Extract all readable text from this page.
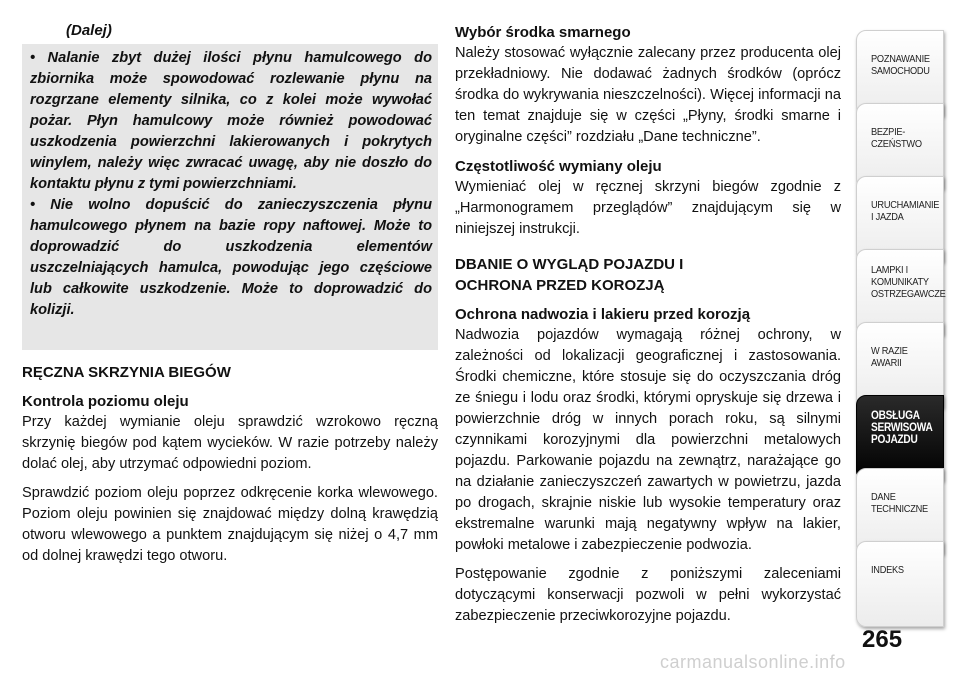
(Dalej)

• Nalanie zbyt dużej ilości płynu hamulcowego do zbiornika może spowodować rozlewanie płynu na rozgrzane elementy silnika, co z kolei może wywołać pożar. Płyn hamulcowy może również powodować uszkodzenia powierzchni lakierowanych i pokrytych winylem, należy więc zwracać uwagę, aby nie doszło do kontaktu płynu z tymi powierzchniami.

• Nie wolno dopuścić do zanieczyszczenia płynu hamulcowego płynem na bazie ropy naftowej. Może to doprowadzić do uszkodzenia elementów uszczelniających hamulca, powodując jego częściowe lub całkowite uszkodzenie. Może to doprowadzić do kolizji.

RĘCZNA SKRZYNIA BIEGÓW

Kontrola poziomu oleju

Przy każdej wymianie oleju sprawdzić wzrokowo ręczną skrzynię biegów pod kątem wycieków. W razie potrzeby należy dolać olej, aby utrzymać odpowiedni poziom.

Sprawdzić poziom oleju poprzez odkręcenie korka wlewowego. Poziom oleju powinien się znajdować między dolną krawędzią otworu wlewowego a punktem znajdującym się niżej o 4,7 mm od dolnej krawędzi tego otworu.

Wybór środka smarnego

Należy stosować wyłącznie zalecany przez producenta olej przekładniowy. Nie dodawać żadnych środków (oprócz środka do wykrywania nieszczelności). Więcej informacji na ten temat znajduje się w części „Płyny, środki smarne i oryginalne części” rozdziału „Dane techniczne”.

Częstotliwość wymiany oleju

Wymieniać olej w ręcznej skrzyni biegów zgodnie z „Harmonogramem przeglądów” znajdującym się w niniejszej instrukcji.

DBANIE O WYGLĄD POJAZDU I
OCHRONA PRZED KOROZJĄ

Ochrona nadwozia i lakieru przed korozją

Nadwozia pojazdów wymagają różnej ochrony, w zależności od lokalizacji geograficznej i zastosowania. Środki chemiczne, które stosuje się do oczyszczania dróg ze śniegu i lodu oraz środki, którymi opryskuje się drzewa i powierzchnie dróg w innych porach roku, są silnymi czynnikami korozyjnymi dla powierzchni metalowych pojazdu. Parkowanie pojazdu na zewnątrz, narażające go na działanie zanieczyszczeń zawartych w powietrzu, jazda po drogach, skrajnie niskie lub wysokie temperatury oraz ekstremalne warunki mają negatywny wpływ na lakier, powłoki metalowe i zabezpieczenie podwozia.

Postępowanie zgodnie z poniższymi zaleceniami dotyczącymi konserwacji pozwoli w pełni wykorzystać zabezpieczenie przeciwkorozyjne pojazdu.

POZNAWANIE
SAMOCHODU
BEZPIE-
CZEŃSTWO
URUCHAMIANIE
I JAZDA
LAMPKI I
KOMUNIKATY
OSTRZEGAWCZE
W RAZIE
AWARII
OBSŁUGA
SERWISOWA
POJAZDU
DANE
TECHNICZNE
INDEKS
265
carmanualsonline.info
